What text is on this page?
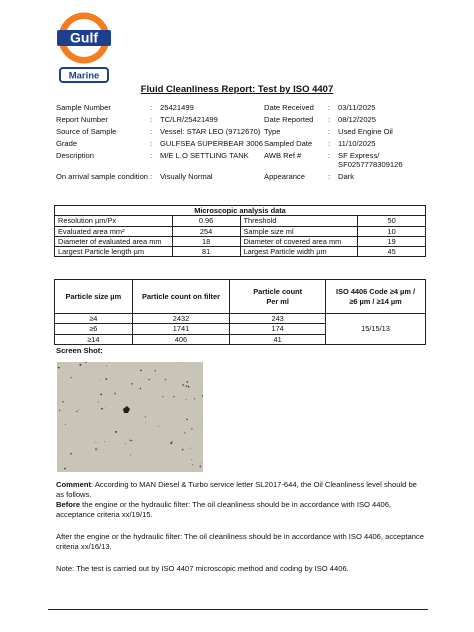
Gulf
Marine
Fluid Cleanliness Report: Test by ISO 4407
Sample Number	:	25421499	Date Received	:	03/11/2025
Report Number	:	TC/LR/25421499	Date Reported	:	08/12/2025
Source of Sample	:	Vessel: STAR LEO (9712670) Type	:	Used Engine Oil
Grade	:	GULFSEA SUPERBEAR 3006 Sampled Date	:	11/10/2025
Description	:	M/E L.O SETTLING TANK	AWB Ref #	:	SF Express/ SF0257778309126
On arrival sample condition :	Visually Normal	Appearance	:	Dark
Microscopic analysis data			
Resolution µm/Px	0.96	Threshold	50
Evaluated area mm²	254	Sample size ml	10
Diameter of evaluated area mm	18	Diameter of covered area mm	19
Largest Particle length µm	81	Largest Particle width µm	45
Particle size µm	Particle count on filter	Particle count Per ml	ISO 4406 Code ≥4 µm / ≥6 µm / ≥14 µm
≥4	2432	243	15/15/13
≥6	1741	174	
≥14	406	41	
Screen Shot:

Comment: According to MAN Diesel & Turbo service letter SL2017-644, the Oil Cleanliness level should be as follows.

Before the engine or the hydraulic filter: The oil cleanliness should be in accordance with ISO 4406, acceptance criteria xx/19/15.

After the engine or the hydraulic filter: The oil cleanliness should be in accordance with ISO 4406, acceptance criteria xx/16/13.

Note: The test is carried out by ISO 4407 microscopic method and coding by ISO 4406.
